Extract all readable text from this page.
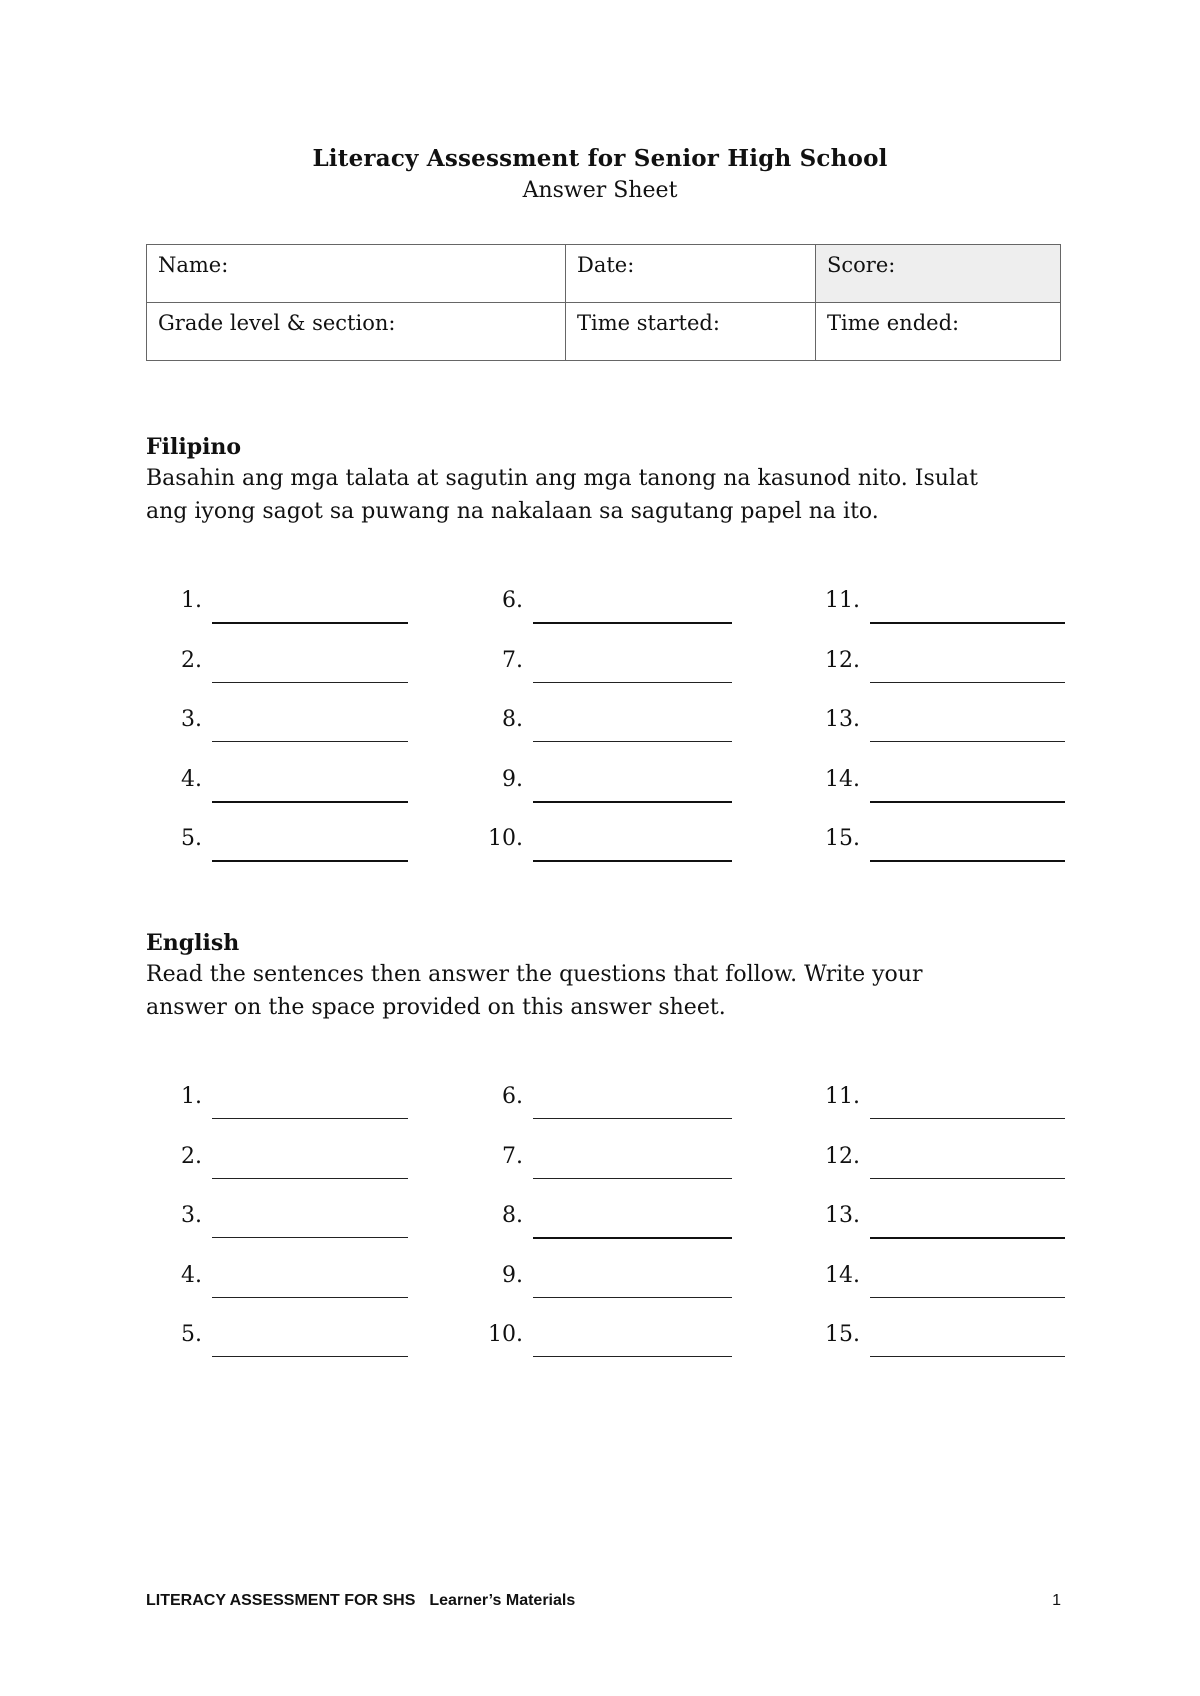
Literacy Assessment for Senior High School
Answer Sheet
Name:	Date:	Score:
Grade level & section:	Time started:	Time ended:
Filipino
Basahin ang mga talata at sagutin ang mga tanong na kasunod nito. Isulat
ang iyong sagot sa puwang na nakalaan sa sagutang papel na ito.
1.
2.
3.
4.
5.
6.
7.
8.
9.
10.
11.
12.
13.
14.
15.
English
Read the sentences then answer the questions that follow. Write your
answer on the space provided on this answer sheet.
1.
2.
3.
4.
5.
6.
7.
8.
9.
10.
11.
12.
13.
14.
15.
LITERACY ASSESSMENT FOR SHS Learner’s Materials	1
